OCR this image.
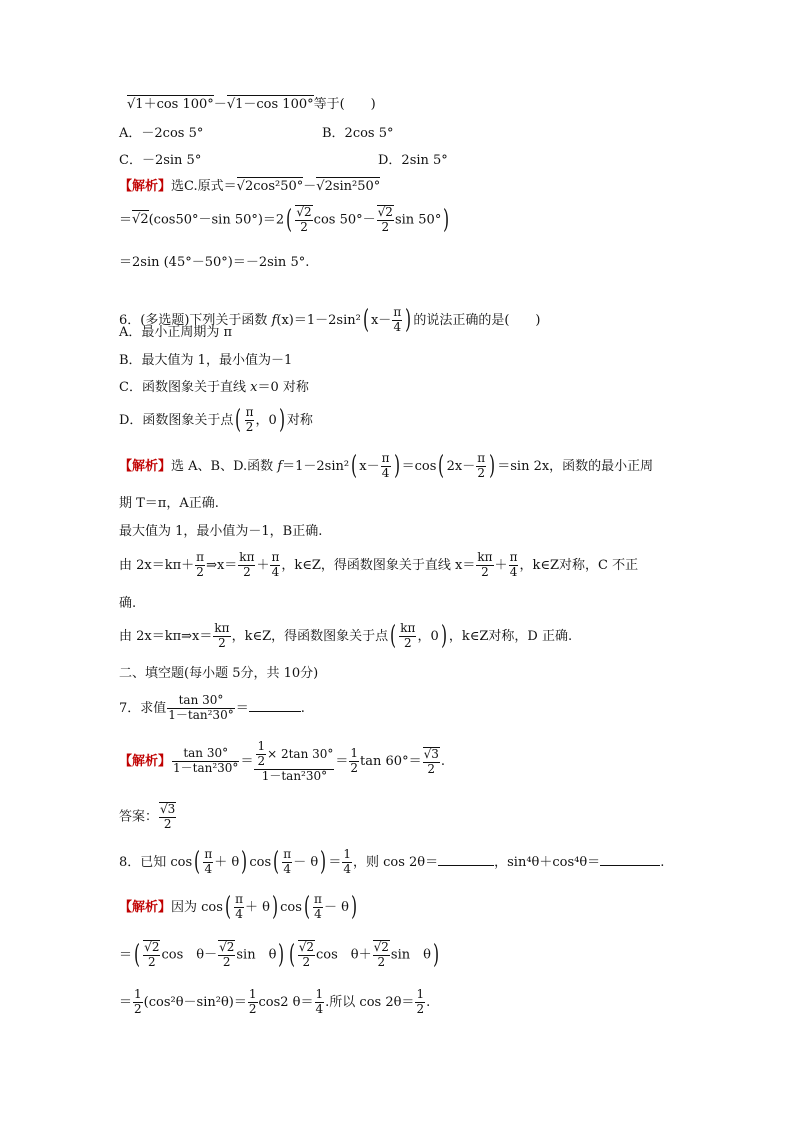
√ 1＋cos 100°－ √ 1－cos 100°等于(　　)
A．－2cos 5°	B．2cos 5°
C．－2sin 5°	D．2sin 5°
【解析】选C.原式＝ √ 2cos²50°－ √ 2sin²50°
＝ √ 2(cos50°－sin 50°)＝2( √ $\frac{2}{2}$ cos 50°－ √ $\frac{2}{2}$ sin 50°)
＝2sin (45°－50°)＝－2sin 5°.
6．(多选题)下列关于函数 f(x)＝1－2sin²( $x- \frac{\pi}{4}$ ) 的说法正确的是(　　)
A．最小正周期为 π
B．最大值为 1，最小值为－1
C．函数图象关于直线 x＝0 对称
D．函数图象关于点( $\frac{\pi}{2}$ ，0) 对称
【解析】选 A、B、D.函数 f＝1－2sin²( $x- \frac{\pi}{4}$ ) ＝cos( $2x- \frac{\pi}{2}$ ) ＝sin 2x，函数的最小正周
期 T＝π，A正确.
最大值为 1，最小值为－1，B正确.
由 $2x=k\pi+ \frac{\pi}{2}$ ⇒x＝ $\frac{k\pi}{2} + \frac{\pi}{4}$ ，k∈Z，得函数图象关于直线 $x= \frac{k\pi}{2} + \frac{\pi}{4}$ ，k∈Z对称，C 不正
确.
由 2x＝kπ⇒x＝ $\frac{k\pi}{2}$ ，k∈Z，得函数图象关于点( $\frac{k\pi}{2}$ ，0) ，k∈Z对称，D 正确.
二、填空题(每小题 5分，共 10分)
7．求值 $\frac{\tan 30^\circ}{\text{1－tan²30°}}$ ＝	.
【解析】 $\frac{\tan 30^\circ}{\text{1－tan²30°}} = \frac{\frac{1}{2} \times 2\tan 30^\circ}{\text{1－tan²30°}} = \frac{1}{2}$ tan 60°＝ √ $\frac{3}{2}$ .
答案： √ $\frac{3}{2}$
8．已知 $\cos( \frac{\pi}{4} + \theta)$ $\cos( \frac{\pi}{4} - \theta) = \frac{1}{4}$ ，则 cos 2θ＝	，sin⁴θ＋cos⁴θ＝	.
【解析】因为 $\cos( \frac{\pi}{4} + \theta)$ $\cos( \frac{\pi}{4} - \theta)$
＝( √ $\frac{2}{2}$ cos　θ－ √ $\frac{2}{2}$ sin　θ) ( √ $\frac{2}{2}$ cos　θ＋ √ $\frac{2}{2}$ sin　θ)
＝ $\frac{1}{2} (\cos^2\theta-\sin^2\theta)= \frac{1}{2} \cos 2$ $\theta= \frac{1}{4}$ .所以 $\cos 2\theta= \frac{1}{2}$ .
